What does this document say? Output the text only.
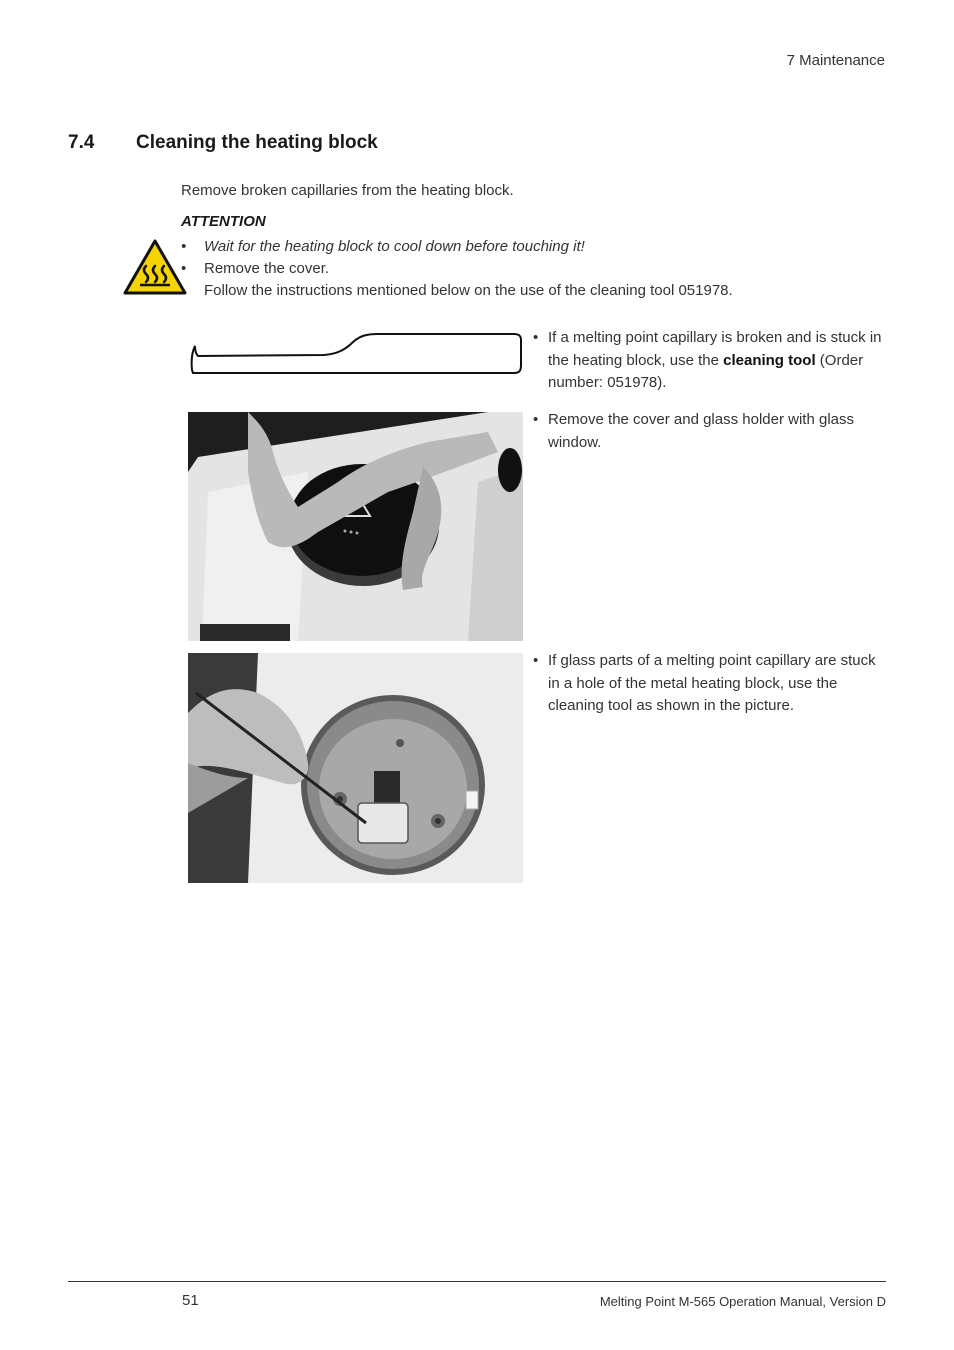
7 Maintenance
7.4 Cleaning the heating block
Remove broken capillaries from the heating block.
ATTENTION
• Wait for the heating block to cool down before touching it!
• Remove the cover.
Follow the instructions mentioned below on the use of the cleaning tool 051978.
• If a melting point capillary is broken and is stuck in the heating block, use the cleaning tool (Order number: 051978).
• Remove the cover and glass holder with glass window.
• If glass parts of a melting point capillary are stuck in a hole of the metal heating block, use the cleaning tool as shown in the picture.
51	Melting Point M-565 Operation Manual, Version D
